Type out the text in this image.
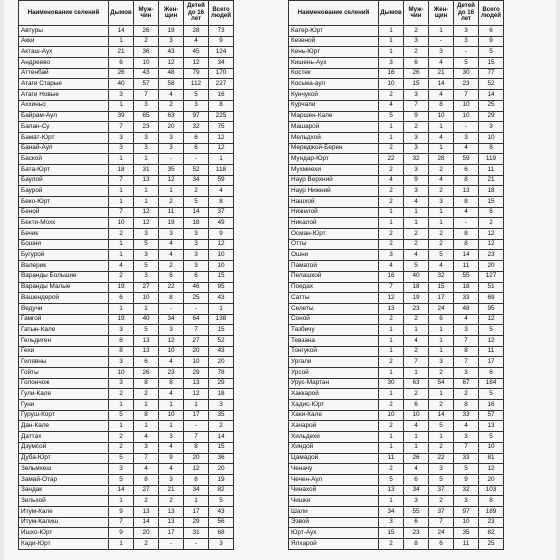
Наименование селений	Дымов	Муж-чин	Жен-щин	Детей до 16 лет	Всего людей
Автуры	14	26	19	28	73
Акки	1	2	3	4	9
Акташ-Аух	21	36	43	45	124
Андреево	6	10	12	12	34
Аттенбай	26	43	48	79	170
Атаги Старые	40	57	58	112	227
Атаги Новые	3	7	4	5	16
Аххиньо	1	3	2	3	8
Байрам-Аул	39	65	63	97	225
Балан-Су	7	23	20	32	75
Бамат-Юрт	3	3	3	6	12
Банай-Аул	3	3	3	6	12
Баской	1	1	-	-	1
Бата-Юрт	18	31	35	52	118
Баулой	7	13	12	34	59
Баурой	1	1	1	2	4
Беко-Юрт	1	1	2	5	8
Беной	7	12	11	14	37
Бекти-Мохк	10	12	19	18	49
Бечик	2	3	3	3	9
Бошни	1	5	4	3	12
Бугурой	1	3	4	3	10
Валерик	4	5	2	3	10
Варанды Большие	2	3	6	6	15
Варанды Малые	19	27	22	46	95
Вашендерой	6	10	8	25	43
Ведучи	1	1	-	-	1
Гамгой	19	40	34	64	138
Гатын-Кале	3	5	3	7	15
Гельдиген	8	13	12	27	52
Гехи	8	13	10	20	43
Гилявны	3	6	4	10	20
Гойты	10	26	23	29	78
Голончож	3	8	8	13	29
Гули-Кале	2	2	4	12	18
Гуни	1	1	1	1	3
Гуруш-Корт	5	8	10	17	35
Дан-Кале	1	1	1	-	2
Даттах	2	4	3	7	14
Дзумсой	2	3	4	8	15
Дуба-Юрт	5	7	9	20	36
Зельмхеш	3	4	4	12	20
Замай-Отар	5	8	3	8	19
Зандак	14	27	21	34	82
Зильхой	1	2	2	1	5
Итум-Кале	9	13	13	17	43
Итум-Калиш	7	14	13	29	56
Ишхо-Юрт	9	20	17	31	68
Кади-Юрт	1	2	-	-	3
Наименование селений	Дымов	Муж-чин	Жен-щин	Детей до 16 лет	Всего людей
Катер-Юрт	1	2	1	3	6
Кезеной	1	3	-	3	9
Кень-Юрт	1	2	3	-	5
Кишень-Аух	3	6	4	5	15
Костек	16	26	21	30	77
Косьма-аул	10	15	14	23	52
Кунчукой	2	3	4	7	14
Курчали	4	7	8	10	25
Маршен-Кале	5	9	10	10	29
Машарой	1	2	1	-	3
Мельдхой	1	3	4	3	10
Мереджой-Берен	2	3	1	4	8
Мундар-Юрт	22	32	28	59	119
Мухмиехи	2	3	2	6	11
Наур Верхний	4	9	4	8	21
Наур Нижний	2	3	2	13	18
Нашхой	2	4	3	8	15
Нижелой	1	1	1	4	6
Никалой	1	1	1	-	2
Осман-Юрт	2	2	2	8	12
Отты	2	2	2	8	12
Ошни	3	4	5	14	23
Паматой	4	5	4	11	20
Пелашкой	16	40	32	55	127
Поедах	7	18	15	18	51
Сатты	12	19	17	33	69
Селеты	13	23	24	48	95
Соной	2	2	6	4	12
Тазбичу	1	1	1	3	5
Тевзана	1	4	1	7	12
Тонгукой	1	2	1	8	11
Ургали	2	7	3	7	17
Урсой	1	1	2	3	6
Урус-Мартан	30	63	54	67	184
Хаккарой	1	2	1	2	5
Хадис-Юрт	2	6	2	8	16
Хаки-Кале	10	10	14	33	57
Хачарой	2	4	5	4	13
Хильдехи	1	1	1	3	5
Хиндой	1	1	2	7	10
Цамадой	11	26	22	33	81
Ченачу	2	4	3	5	12
Чечен-Аул	5	6	5	9	20
Чинахой	13	34	37	32	103
Чишки	1	3	2	3	8
Шали	34	55	37	97	189
Эзвой	3	6	7	10	23
Юрт-Аух	15	23	24	35	82
Ялхарой	2	8	6	11	25
